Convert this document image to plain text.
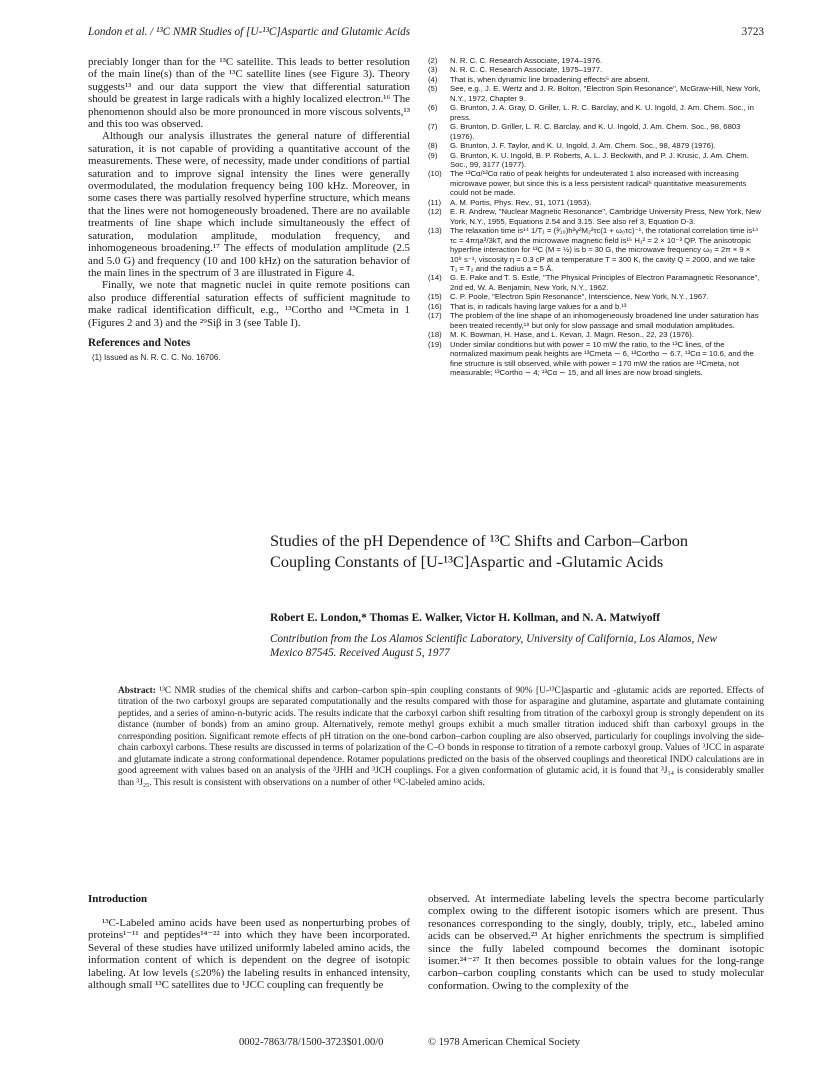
London et al. / ¹³C NMR Studies of [U-¹³C]Aspartic and Glutamic Acids	3723

preciably longer than for the ¹³C satellite. This leads to better resolution of the main line(s) than of the ¹³C satellite lines (see Figure 3). Theory suggests¹³ and our data support the view that differential saturation should be greatest in large radicals with a highly localized electron.¹⁶ The phenomenon should also be more pronounced in more viscous solvents,¹³ and this too was observed.

Although our analysis illustrates the general nature of differential saturation, it is not capable of providing a quantitative account of the measurements. These were, of necessity, made under conditions of partial saturation and to improve signal intensity the lines were generally overmodulated, the modulation frequency being 100 kHz. Moreover, in some cases there was partially resolved hyperfine structure, which means that the lines were not homogeneously broadened. There are no available treatments of line shape which include simultaneously the effect of saturation, modulation amplitude, modulation frequency, and inhomogeneous broadening.¹⁷ The effects of modulation amplitude (2.5 and 5.0 G) and frequency (10 and 100 kHz) on the saturation behavior of the main lines in the spectrum of 3 are illustrated in Figure 4.

Finally, we note that magnetic nuclei in quite remote positions can also produce differential saturation effects of sufficient magnitude to make radical identification difficult, e.g., ¹³Cortho and ¹³Cmeta in 1 (Figures 2 and 3) and the ²⁹Siβ in 3 (see Table I).

References and Notes
(1) Issued as N. R. C. C. No. 16706.
(2) N. R. C. C. Research Associate, 1974–1976.
(3) N. R. C. C. Research Associate, 1975–1977.
(4) That is, when dynamic line broadening effects⁵ are absent.
(5) See, e.g., J. E. Wertz and J. R. Bolton, "Electron Spin Resonance", McGraw-Hill, New York, N.Y., 1972, Chapter 9.
(6) G. Brunton, J. A. Gray, D. Griller, L. R. C. Barclay, and K. U. Ingold, J. Am. Chem. Soc., in press.
(7) G. Brunton, D. Griller, L. R. C. Barclay, and K. U. Ingold, J. Am. Chem. Soc., 98, 6803 (1976).
(8) G. Brunton, J. F. Taylor, and K. U. Ingold, J. Am. Chem. Soc., 98, 4879 (1976).
(9) G. Brunton, K. U. Ingold, B. P. Roberts, A. L. J. Beckwith, and P. J. Krusic, J. Am. Chem. Soc., 99, 3177 (1977).
(10) The ¹³Cα/¹²Cα ratio of peak heights for undeuterated 1 also increased with increasing microwave power, but since this is a less persistent radical⁶ quantitative measurements could not be made.
(11) A. M. Portis, Phys. Rev., 91, 1071 (1953).
(12) E. R. Andrew, "Nuclear Magnetic Resonance", Cambridge University Press, New York, New York, N.Y., 1955, Equations 2.54 and 3.15. See also ref 3, Equation D-3.
(13) The relaxation time is¹⁴ 1/T₁ = (³⁄₁₀)h²γ²M₂²τc(1 + ω₀τc)⁻¹, the rotational correlation time is¹⁴ τc = 4πηa³/3kT, and the microwave magnetic field is¹⁵ H₁² = 2 × 10⁻³ QP. The anisotropic hyperfine interaction for ¹³C (M = ½) is b ≈ 30 G, the microwave frequency ω₀ = 2π × 9 × 10⁹ s⁻¹, viscosity η = 0.3 cP at a temperature T = 300 K, the cavity Q = 2000, and we take T₁ = T₂ and the radius a = 5 Å.
(14) G. E. Pake and T. S. Estle, "The Physical Principles of Electron Paramagnetic Resonance", 2nd ed, W. A. Benjamin, New York, N.Y., 1962.
(15) C. P. Poole, "Electron Spin Resonance", Interscience, New York, N.Y., 1967.
(16) That is, in radicals having large values for a and b.¹³
(17) The problem of the line shape of an inhomogeneously broadened line under saturation has been treated recently,¹⁸ but only for slow passage and small modulation amplitudes.
(18) M. K. Bowman, H. Hase, and L. Kevan, J. Magn. Reson., 22, 23 (1976).
(19) Under similar conditions but with power = 10 mW the ratio, to the ¹³C lines, of the normalized maximum peak heights are ¹³Cmeta ∼ 6, ¹³Cortho ∼ 6.7, ¹³Cα = 10.6, and the fine structure is still observed, while with power = 170 mW the ratios are ¹³Cmeta, not measurable; ¹³Cortho ∼ 4; ¹³Cα ∼ 15, and all lines are now broad singlets.
Studies of the pH Dependence of ¹³C Shifts and Carbon–Carbon Coupling Constants of [U-¹³C]Aspartic and -Glutamic Acids
Robert E. London,* Thomas E. Walker, Victor H. Kollman, and N. A. Matwiyoff
Contribution from the Los Alamos Scientific Laboratory, University of California, Los Alamos, New Mexico 87545. Received August 5, 1977
Abstract: ¹³C NMR studies of the chemical shifts and carbon–carbon spin–spin coupling constants of 90% [U-¹³C]aspartic and -glutamic acids are reported. Effects of titration of the two carboxyl groups are separated computationally and the results compared with those for asparagine and glutamine, aspartate and glutamate containing peptides, and a series of amino-n-butyric acids. The results indicate that the carboxyl carbon shift resulting from titration of the carboxyl group is strongly dependent on its distance (number of bonds) from an amino group. Alternatively, remote methyl groups exhibit a much smaller titration induced shift than carboxyl groups in the corresponding position. Significant remote effects of pH titration on the one-bond carbon–carbon coupling are also observed, particularly for couplings involving the side-chain carboxyl carbons. These results are discussed in terms of polarization of the C–O bonds in response to titration of a remote carboxyl group. Values of ³JCC in asparate and glutamate indicate a strong conformational dependence. Rotamer populations predicted on the basis of the observed couplings and theoretical INDO calculations are in good agreement with values based on an analysis of the ³JHH and ³JCH couplings. For a given conformation of glutamic acid, it is found that ³J₁₄ is considerably smaller than ³J₂₅. This result is consistent with observations on a number of other ¹³C-labeled amino acids.
Introduction
¹³C-Labeled amino acids have been used as nonperturbing probes of proteins¹⁻¹¹ and peptides¹⁴⁻²² into which they have been incorporated. Several of these studies have utilized uniformly labeled amino acids, the information content of which is dependent on the degree of isotopic labeling. At low levels (≤20%) the labeling results in enhanced intensity, although small ¹³C satellites due to ¹JCC coupling can frequently be
observed. At intermediate labeling levels the spectra become particularly complex owing to the different isotopic isomers which are present. Thus resonances corresponding to the singly, doubly, triply, etc., labeled amino acids can be observed.²³ At higher enrichments the spectrum is simplified since the fully labeled compound becomes the dominant isotopic isomer.²⁴⁻²⁷ It then becomes possible to obtain values for the long-range carbon–carbon coupling constants which can be used to study molecular conformation. Owing to the complexity of the
0002-7863/78/1500-3723$01.00/0	© 1978 American Chemical Society
